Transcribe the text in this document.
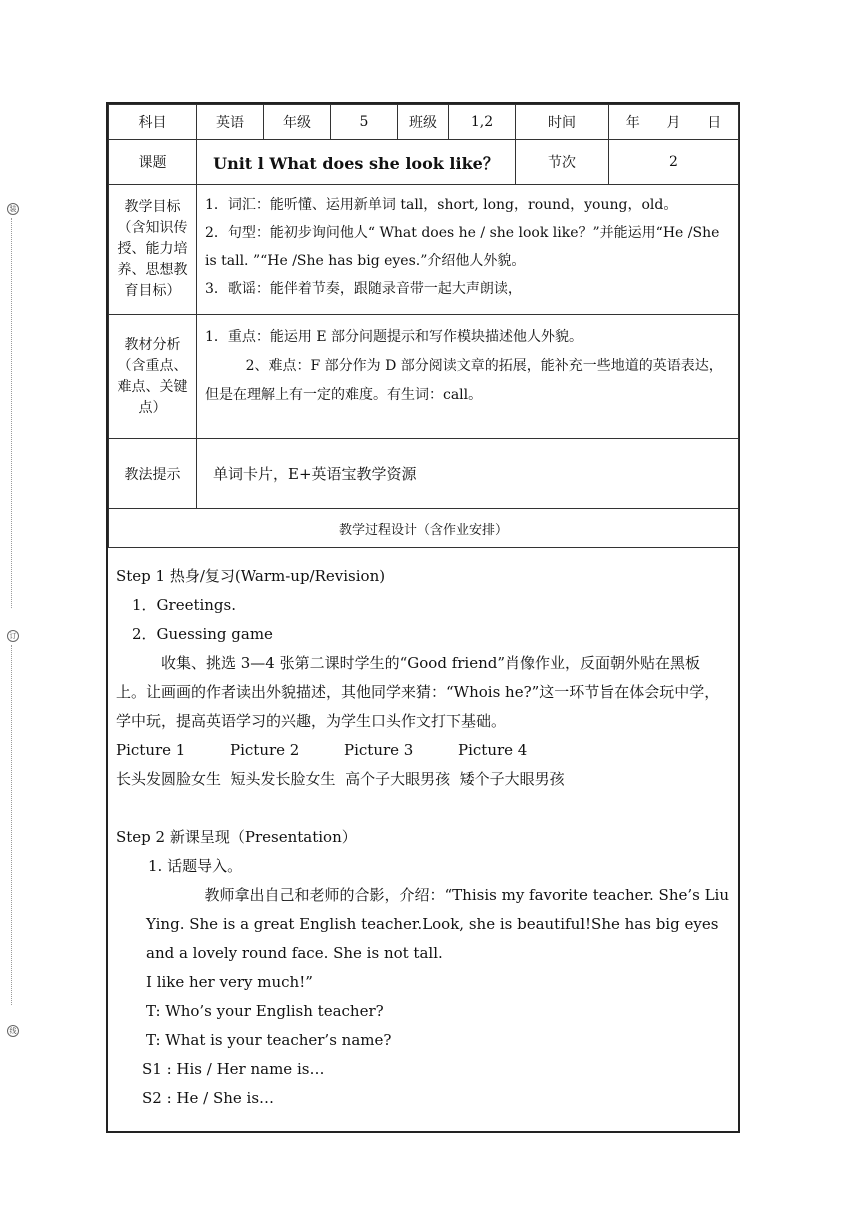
装
订
线
科目	英语	年级	5	班级	1,2	时间	年      月      日
课题	Unit l What does she look like？					节次	2
教学目标（含知识传授、能力培养、思想教育目标）	1．词汇：能听懂、运用新单词 tall，short, long，round，young，old。
2．句型：能初步询问他人“ What does he / she look like？”并能运用“He /She is tall. ”“He /She has big eyes.”介绍他人外貌。
3．歌谣：能伴着节奏，跟随录音带一起大声朗读，						

教材分析（含重点、难点、关键点）	1．重点：能运用 E 部分问题提示和写作模块描述他人外貌。
2、难点：F 部分作为 D 部分阅读文章的拓展，能补充一些地道的英语表达，但是在理解上有一定的难度。有生词：call。						

教法提示	单词卡片，E+英语宝教学资源						
教学过程设计（含作业安排）							

Step 1 热身/复习(Warm-up/Revision)

1．Greetings.

2．Guessing game

收集、挑选 3—4 张第二课时学生的“Good friend”肖像作业，反面朝外贴在黑板上。让画画的作者读出外貌描述，其他同学来猜：“Whois he?”这一环节旨在体会玩中学，学中玩，提高英语学习的兴趣，为学生口头作文打下基础。

Picture 1	Picture 2	Picture 3	Picture 4

长头发圆脸女生  短头发长脸女生  高个子大眼男孩  矮个子大眼男孩

Step 2 新课呈现（Presentation）

1. 话题导入。

教师拿出自己和老师的合影，介绍：“Thisis my favorite teacher. She’s Liu Ying. She is a great English teacher.Look, she is beautiful!She has big eyes and a lovely round face. She is not tall.

I like her very much!”

T: Who’s your English teacher?

T: What is your teacher’s name?

S1 : His / Her name is…

S2 : He / She is…
